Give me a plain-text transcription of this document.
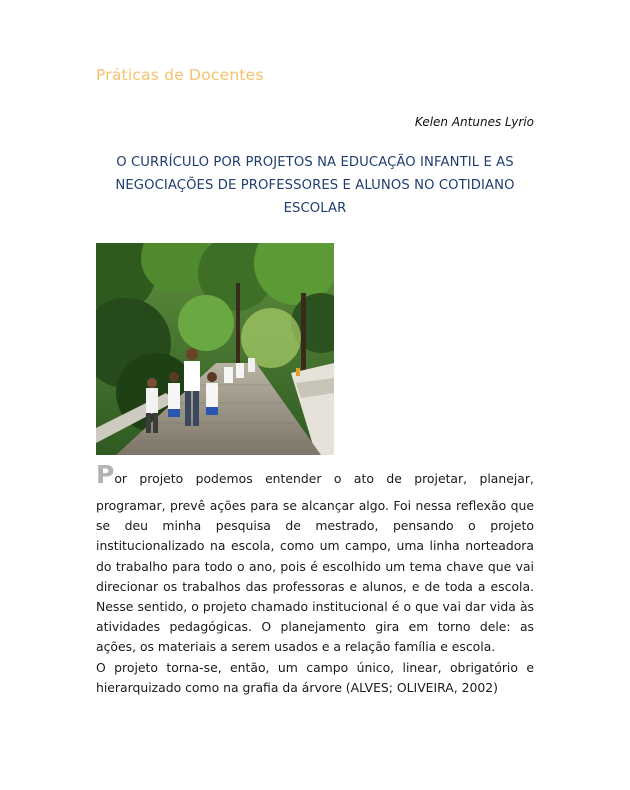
Práticas de Docentes
Kelen Antunes Lyrio
O CURRÍCULO POR PROJETOS NA EDUCAÇÃO INFANTIL E AS
NEGOCIAÇÕES DE PROFESSORES E ALUNOS NO COTIDIANO
ESCOLAR
Por projeto podemos entender o ato de projetar, planejar,

programar, prevê ações para se alcançar algo. Foi nessa reflexão que se deu minha pesquisa de mestrado, pensando o projeto institucionalizado na escola, como um campo, uma linha norteadora do trabalho para todo o ano, pois é escolhido um tema chave que vai direcionar os trabalhos das professoras e alunos, e de toda a escola. Nesse sentido, o projeto chamado institucional é o que vai dar vida às atividades pedagógicas. O planejamento gira em torno dele: as ações, os materiais a serem usados e a relação família e escola.

O projeto torna-se, então, um campo único, linear, obrigatório e hierarquizado como na grafia da árvore (ALVES; OLIVEIRA, 2002)
